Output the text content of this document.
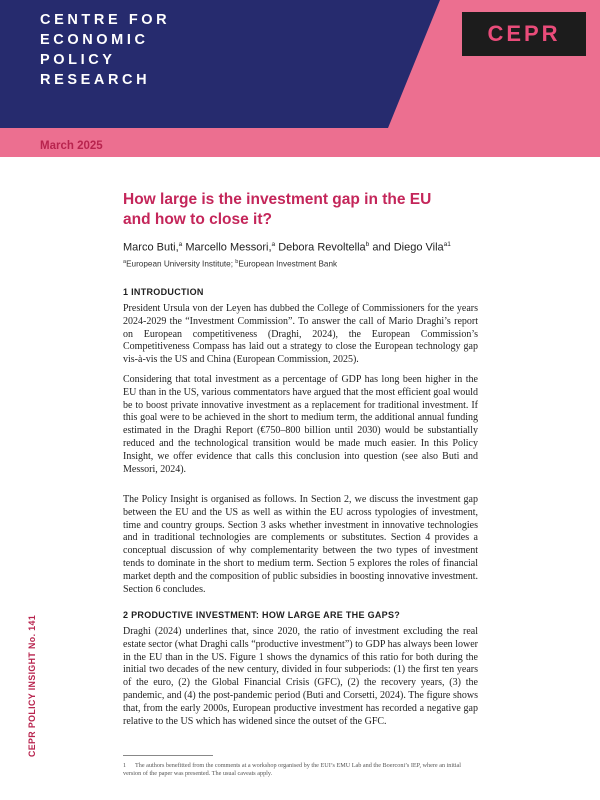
CENTRE FOR
ECONOMIC
POLICY
RESEARCH
CEPR
March 2025
CEPR POLICY INSIGHT No. 141
How large is the investment gap in the EU and how to close it?
Marco Buti,$^a$ Marcello Messori,$^a$ Debora Revoltella$^b$ and Diego Vila$^{a1}$
$^a$European University Institute; $^b$European Investment Bank
1 INTRODUCTION

President Ursula von der Leyen has dubbed the College of Commissioners for the years 2024-2029 the “Investment Commission”. To answer the call of Mario Draghi’s report on European competitiveness (Draghi, 2024), the European Commission’s Competitiveness Compass has laid out a strategy to close the European technology gap vis-à-vis the US and China (European Commission, 2025).

Considering that total investment as a percentage of GDP has long been higher in the EU than in the US, various commentators have argued that the most efficient goal would be to boost private innovative investment as a replacement for traditional investment. If this goal were to be achieved in the short to medium term, the additional annual funding estimated in the Draghi Report (€750–800 billion until 2030) would be substantially reduced and the technological transition would be made much easier. In this Policy Insight, we offer evidence that calls this conclusion into question (see also Buti and Messori, 2024).

The Policy Insight is organised as follows. In Section 2, we discuss the investment gap between the EU and the US as well as within the EU across typologies of investment, time and country groups. Section 3 asks whether investment in innovative technologies and in traditional technologies are complements or substitutes. Section 4 provides a conceptual discussion of why complementarity between the two types of investment tends to dominate in the short to medium term. Section 5 explores the roles of financial market depth and the composition of public subsidies in boosting innovative investment. Section 6 concludes.

2 PRODUCTIVE INVESTMENT: HOW LARGE ARE THE GAPS?

Draghi (2024) underlines that, since 2020, the ratio of investment excluding the real estate sector (what Draghi calls “productive investment”) to GDP has always been lower in the EU than in the US. Figure 1 shows the dynamics of this ratio for both during the initial two decades of the new century, divided in four subperiods: (1) the first ten years of the euro, (2) the Global Financial Crisis (GFC), (2) the recovery years, (3) the pandemic, and (4) the post-pandemic period (Buti and Corsetti, 2024). The figure shows that, from the early 2000s, European productive investment has recorded a negative gap relative to the US which has widened since the outset of the GFC.

1 The authors benefitted from the comments at a workshop organised by the EUI’s EMU Lab and the Boerconi’s IEP, where an initial version of the paper was presented. The usual caveats apply.
